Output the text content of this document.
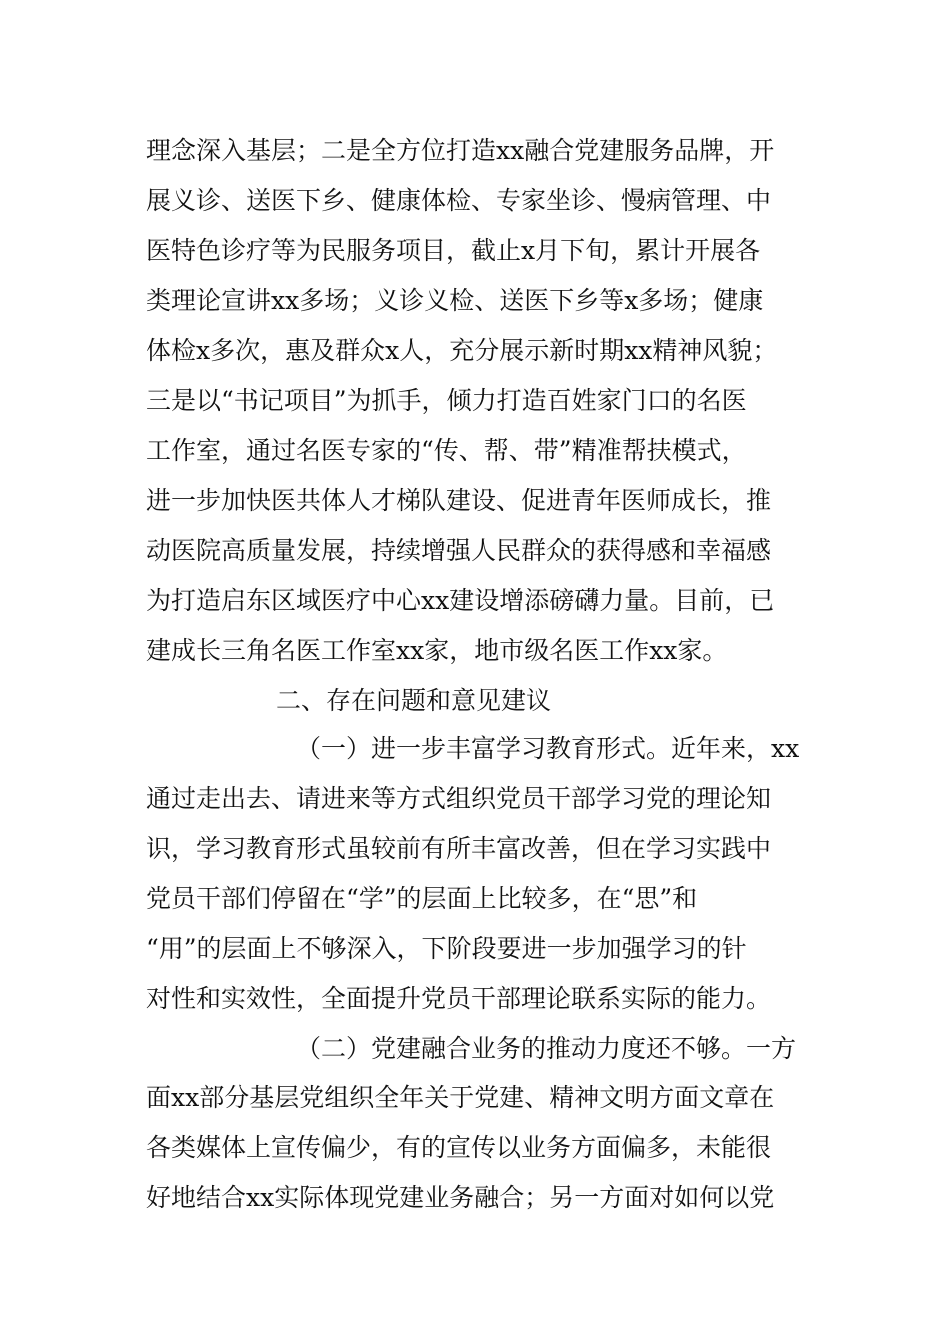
理念深入基层；二是全方位打造xx融合党建服务品牌，开
展义诊、送医下乡、健康体检、专家坐诊、慢病管理、中
医特色诊疗等为民服务项目，截止x月下旬，累计开展各
类理论宣讲xx多场；义诊义检、送医下乡等x多场；健康
体检x多次，惠及群众x人，充分展示新时期xx精神风貌；
三是以“书记项目”为抓手，倾力打造百姓家门口的名医
工作室，通过名医专家的“传、帮、带”精准帮扶模式，
进一步加快医共体人才梯队建设、促进青年医师成长，推
动医院高质量发展，持续增强人民群众的获得感和幸福感
为打造启东区域医疗中心xx建设增添磅礴力量。目前，已
建成长三角名医工作室xx家，地市级名医工作xx家。
二、存在问题和意见建议
（一）进一步丰富学习教育形式。近年来，xx
通过走出去、请进来等方式组织党员干部学习党的理论知
识，学习教育形式虽较前有所丰富改善，但在学习实践中
党员干部们停留在“学”的层面上比较多，在“思”和
“用”的层面上不够深入，下阶段要进一步加强学习的针
对性和实效性，全面提升党员干部理论联系实际的能力。
（二）党建融合业务的推动力度还不够。一方
面xx部分基层党组织全年关于党建、精神文明方面文章在
各类媒体上宣传偏少，有的宣传以业务方面偏多，未能很
好地结合xx实际体现党建业务融合；另一方面对如何以党
